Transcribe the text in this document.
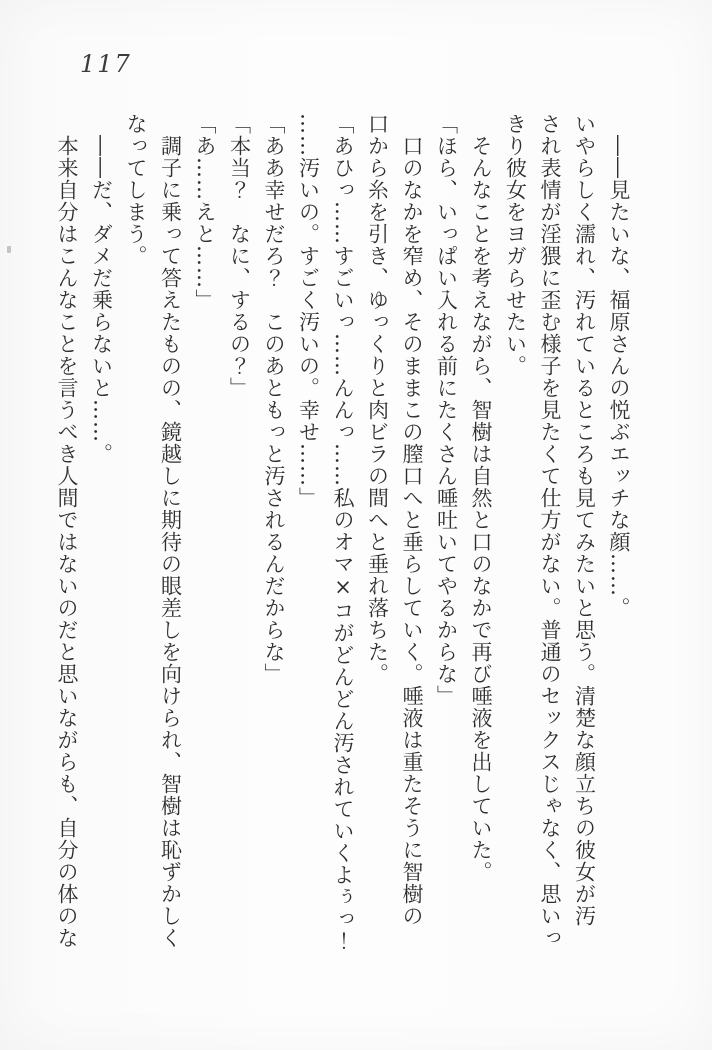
117

　――見たいな、福原さんの悦ぶエッチな顔……。

いやらしく濡れ、汚れているところも見てみたいと思う。清楚な顔立ちの彼女が汚

され表情が淫猥に歪む様子を見たくて仕方がない。普通のセックスじゃなく、思いっ

きり彼女をヨガらせたい。

　そんなことを考えながら、智樹は自然と口のなかで再び唾液を出していた。

「ほら、いっぱい入れる前にたくさん唾吐いてやるからな」

　口のなかを窄め、そのままこの膣口へと垂らしていく。唾液は重たそうに智樹の

口から糸を引き、ゆっくりと肉ビラの間へと垂れ落ちた。

「あひっ……すごいっ……んんっ……私のオマ×コがどんどん汚されていくよぅっ！

……汚いの。すごく汚いの。幸せ……」

「ああ幸せだろ？　このあともっと汚されるんだからな」

「本当？　なに、するの？」

「あ……えと……」

　調子に乗って答えたものの、鏡越しに期待の眼差しを向けられ、智樹は恥ずかしく

なってしまう。

　――だ、ダメだ乗らないと……。

　本来自分はこんなことを言うべき人間ではないのだと思いながらも、自分の体のな
